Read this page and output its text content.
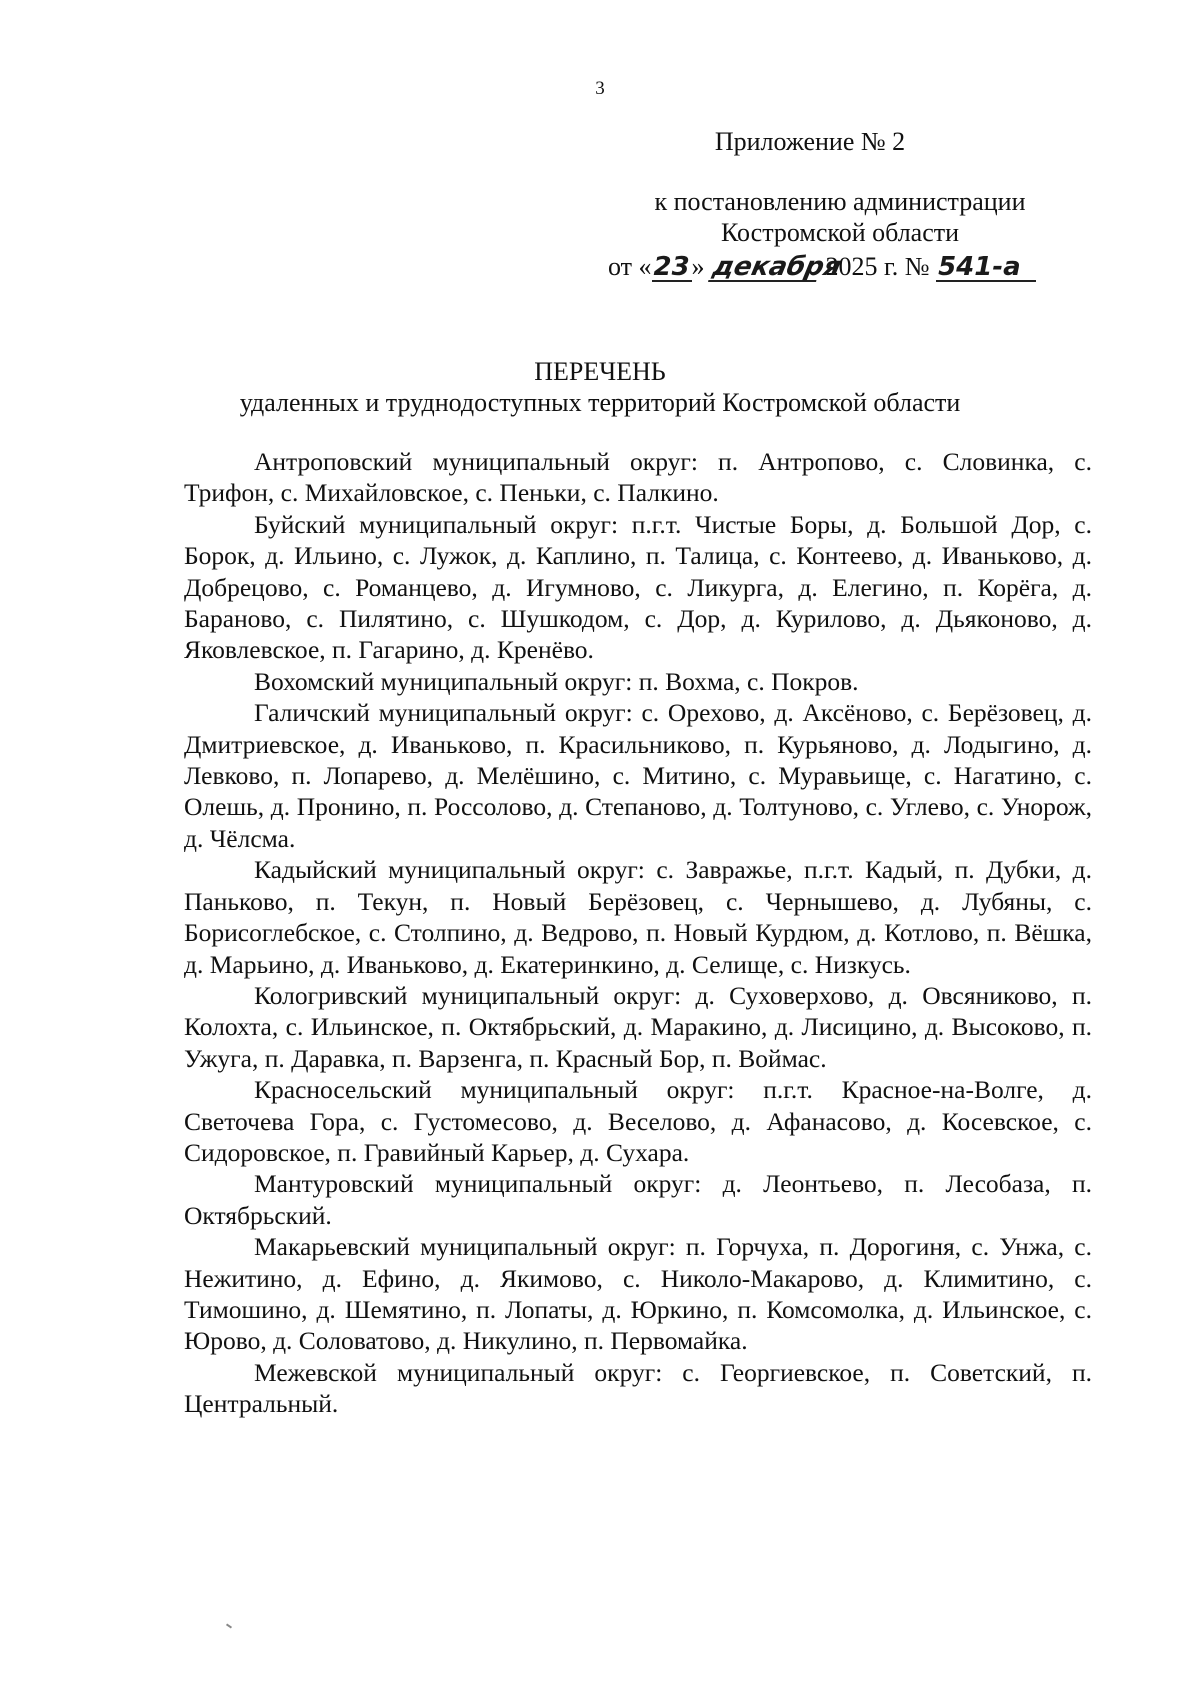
3
Приложение № 2
к постановлению администрации
Костромской области
от «23» декабря 2025 г. № 541-а
ПЕРЕЧЕНЬ
удаленных и труднодоступных территорий Костромской области

Антроповский муниципальный округ: п. Антропово, с. Словинка, с. Трифон, с. Михайловское, с. Пеньки, с. Палкино.

Буйский муниципальный округ: п.г.т. Чистые Боры, д. Большой Дор, с. Борок, д. Ильино, с. Лужок, д. Каплино, п. Талица, с. Контеево, д. Иваньково, д. Добрецово, с. Романцево, д. Игумново, с. Ликурга, д. Елегино, п. Корёга, д. Бараново, с. Пилятино, с. Шушкодом, с. Дор, д. Курилово, д. Дьяконово, д. Яковлевское, п. Гагарино, д. Кренёво.

Вохомский муниципальный округ: п. Вохма, с. Покров.

Галичский муниципальный округ: с. Орехово, д. Аксёново, с. Берёзовец, д. Дмитриевское, д. Иваньково, п. Красильниково, п. Курьяново, д. Лодыгино, д. Левково, п. Лопарево, д. Мелёшино, с. Митино, с. Муравьище, с. Нагатино, с. Олешь, д. Пронино, п. Россолово, д. Степаново, д. Толтуново, с. Углево, с. Унорож, д. Чёлсма.

Кадыйский муниципальный округ: с. Завражье, п.г.т. Кадый, п. Дубки, д. Паньково, п. Текун, п. Новый Берёзовец, с. Чернышево, д. Лубяны, с. Борисоглебское, с. Столпино, д. Ведрово, п. Новый Курдюм, д. Котлово, п. Вёшка, д. Марьино, д. Иваньково, д. Екатеринкино, д. Селище, с. Низкусь.

Кологривский муниципальный округ: д. Суховерхово, д. Овсяниково, п. Колохта, с. Ильинское, п. Октябрьский, д. Маракино, д. Лисицино, д. Высоково, п. Ужуга, п. Даравка, п. Варзенга, п. Красный Бор, п. Воймас.

Красносельский муниципальный округ: п.г.т. Красное-на-Волге, д. Светочева Гора, с. Густомесово, д. Веселово, д. Афанасово, д. Косевское, с. Сидоровское, п. Гравийный Карьер, д. Сухара.

Мантуровский муниципальный округ: д. Леонтьево, п. Лесобаза, п. Октябрьский.

Макарьевский муниципальный округ: п. Горчуха, п. Дорогиня, с. Унжа, с. Нежитино, д. Ефино, д. Якимово, с. Николо-Макарово, д. Климитино, с. Тимошино, д. Шемятино, п. Лопаты, д. Юркино, п. Комсомолка, д. Ильинское, с. Юрово, д. Соловатово, д. Никулино, п. Первомайка.

Межевской муниципальный округ: с. Георгиевское, п. Советский, п. Центральный.
